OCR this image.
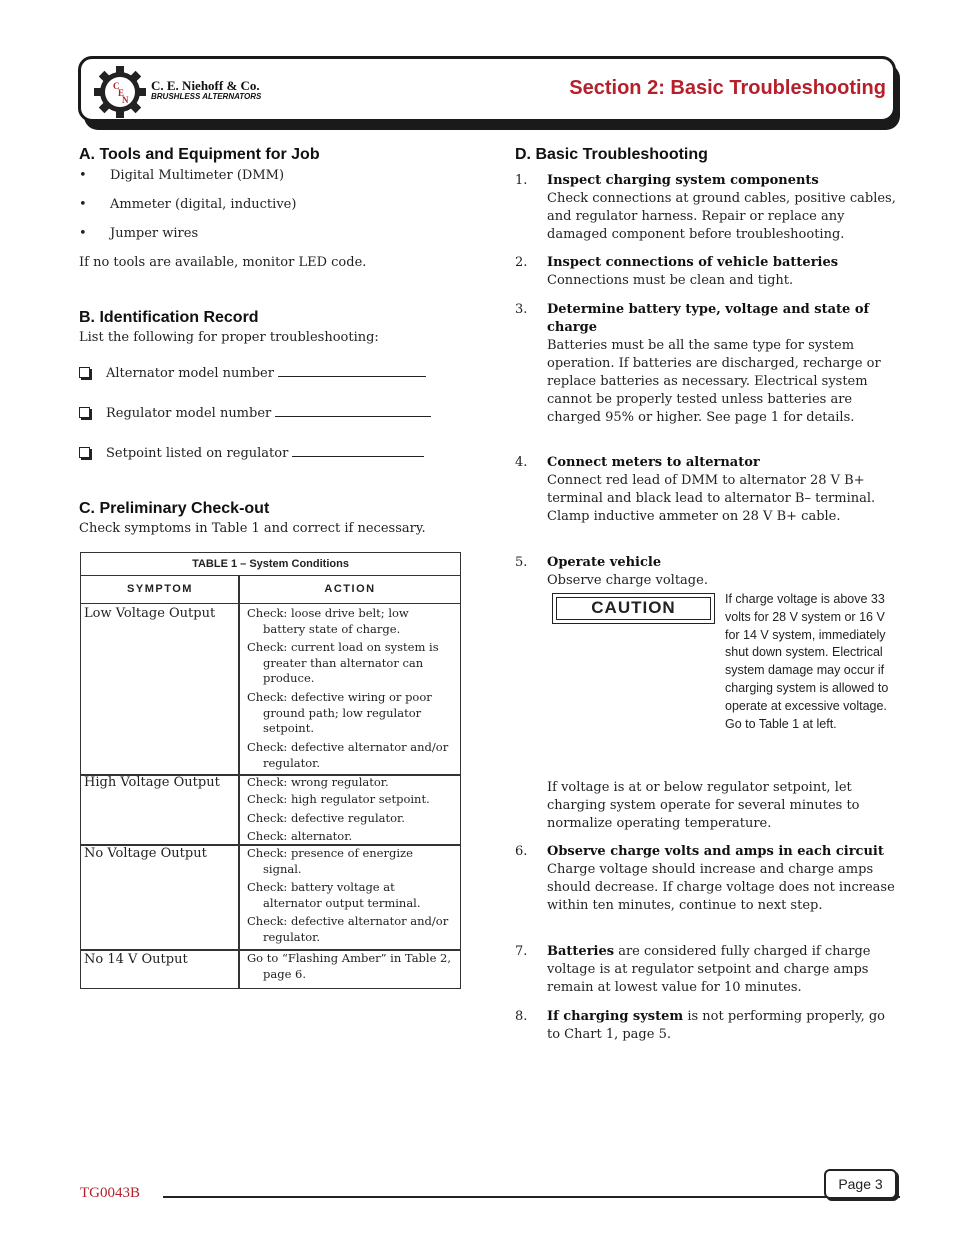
C
E
N
C. E. Niehoff & Co.
BRUSHLESS ALTERNATORS	Section 2: Basic Troubleshooting
A. Tools and Equipment for Job
• Digital Multimeter (DMM)
• Ammeter (digital, inductive)
• Jumper wires
If no tools are available, monitor LED code.
B. Identification Record
List the following for proper troubleshooting:
Alternator model number
Regulator model number
Setpoint listed on regulator
C. Preliminary Check-out
Check symptoms in Table 1 and correct if necessary.
TABLE 1 – System Conditions
SYMPTOM	ACTION
Low Voltage Output	Check: loose drive belt; low battery state of charge.
Check: current load on system is greater than alternator can produce.
Check: defective wiring or poor ground path; low regulator setpoint.
Check: defective alternator and/or regulator.
High Voltage Output Check: wrong regulator.
Check: high regulator setpoint.
Check: defective regulator.
Check: alternator.
No Voltage Output	Check: presence of energize signal.
Check: battery voltage at alternator output terminal.
Check: defective alternator and/or regulator.
No 14 V Output	Go to “Flashing Amber” in Table 2, page 6.
D. Basic Troubleshooting
1. Inspect charging system components
Check connections at ground cables, positive cables, and regulator harness. Repair or replace any damaged component before troubleshooting.
2. Inspect connections of vehicle batteries
Connections must be clean and tight.
3. Determine battery type, voltage and state of charge
Batteries must be all the same type for system operation. If batteries are discharged, recharge or replace batteries as necessary. Electrical system cannot be properly tested unless batteries are charged 95% or higher. See page 1 for details.
4. Connect meters to alternator
Connect red lead of DMM to alternator 28 V B+ terminal and black lead to alternator B– terminal. Clamp inductive ammeter on 28 V B+ cable.
5. Operate vehicle
Observe charge voltage.
CAUTION	If charge voltage is above 33 volts for 28 V system or 16 V for 14 V system, immediately shut down system. Electrical system damage may occur if charging system is allowed to operate at excessive voltage. Go to Table 1 at left.
If voltage is at or below regulator setpoint, let charging system operate for several minutes to normalize operating temperature.
6. Observe charge volts and amps in each circuit
Charge voltage should increase and charge amps should decrease. If charge voltage does not increase within ten minutes, continue to next step.
7. Batteries are considered fully charged if charge voltage is at regulator setpoint and charge amps remain at lowest value for 10 minutes.
8. If charging system is not performing properly, go to Chart 1, page 5.
TG0043B
Page 3
